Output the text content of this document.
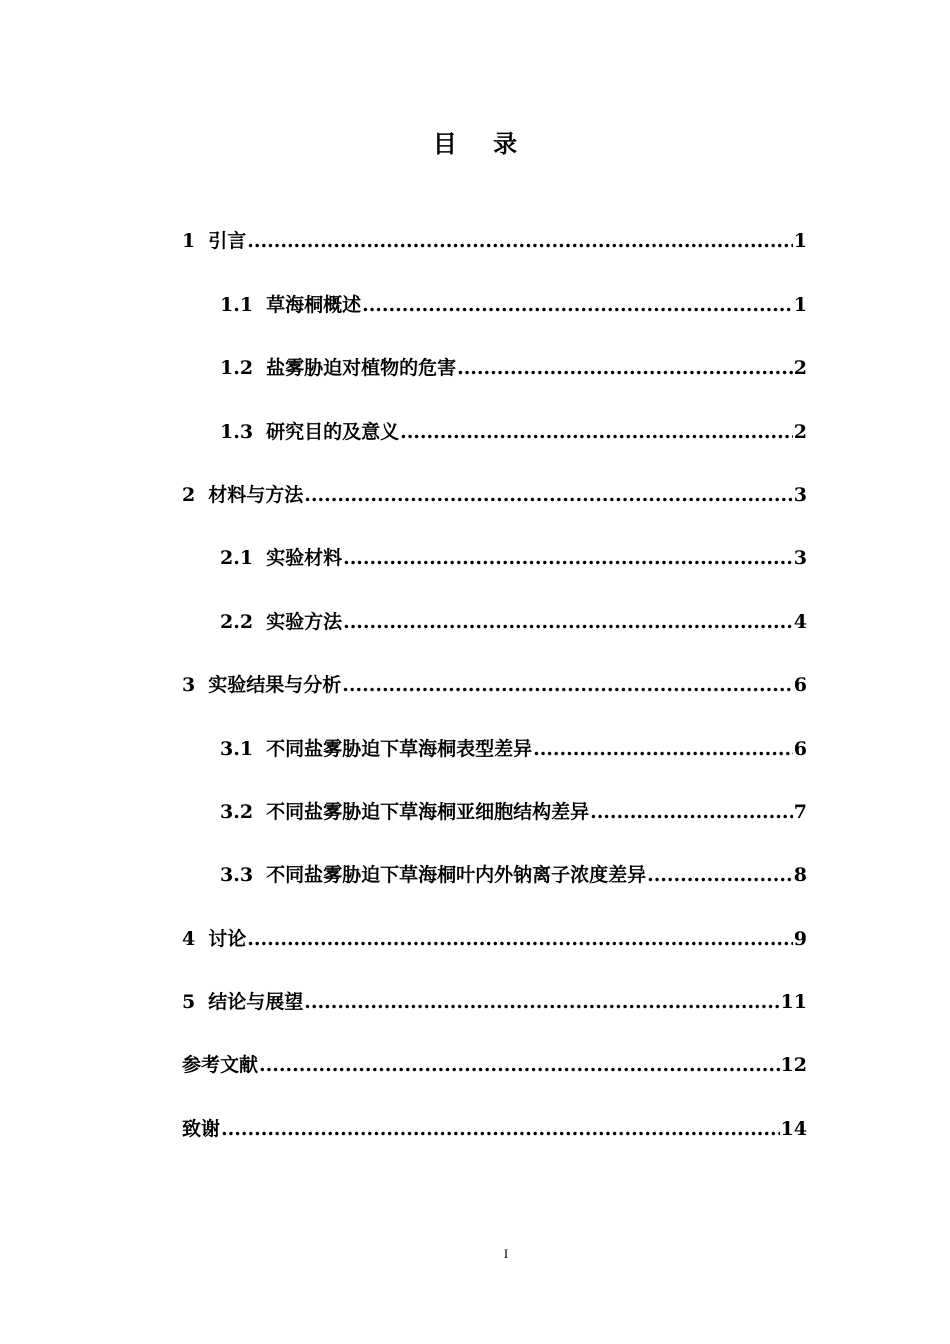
目 录
1 引言 .....	1
1.1 草海桐概述 .....	1
1.2 盐雾胁迫对植物的危害 .....	2
1.3 研究目的及意义 .....	2
2 材料与方法 .....	3
2.1 实验材料 .....	3
2.2 实验方法 .....	4
3 实验结果与分析 .....	6
3.1 不同盐雾胁迫下草海桐表型差异 .....	6
3.2 不同盐雾胁迫下草海桐亚细胞结构差异 .....	7
3.3 不同盐雾胁迫下草海桐叶内外钠离子浓度差异 .....	8
4 讨论 .....	9
5 结论与展望 .....	11
参考文献 .....	12
致谢 .....	14
I
